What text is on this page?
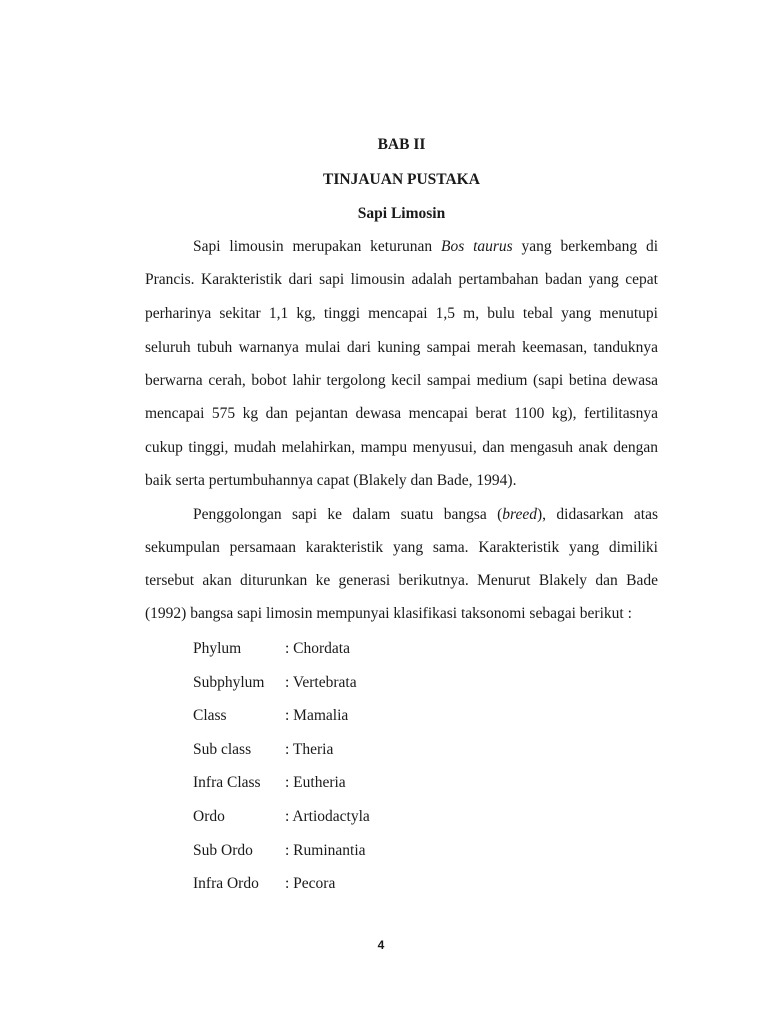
BAB II
TINJAUAN PUSTAKA
Sapi Limosin
Sapi limousin merupakan keturunan Bos taurus yang berkembang di
Prancis. Karakteristik dari sapi limousin adalah pertambahan badan yang cepat
perharinya sekitar 1,1 kg, tinggi mencapai 1,5 m, bulu tebal yang menutupi
seluruh tubuh warnanya mulai dari kuning sampai merah keemasan, tanduknya
berwarna cerah, bobot lahir tergolong kecil sampai medium (sapi betina dewasa
mencapai 575 kg dan pejantan dewasa mencapai berat 1100 kg), fertilitasnya
cukup tinggi, mudah melahirkan, mampu menyusui, dan mengasuh anak dengan
baik serta pertumbuhannya capat (Blakely dan Bade, 1994).
Penggolongan sapi ke dalam suatu bangsa (breed), didasarkan atas
sekumpulan persamaan karakteristik yang sama. Karakteristik yang dimiliki
tersebut akan diturunkan ke generasi berikutnya. Menurut Blakely dan Bade
(1992) bangsa sapi limosin mempunyai klasifikasi taksonomi sebagai berikut :
Phylum	: Chordata
Subphylum : Vertebrata
Class	: Mamalia
Sub class : Theria
Infra Class : Eutheria
Ordo	: Artiodactyla
Sub Ordo : Ruminantia
Infra Ordo : Pecora
4
